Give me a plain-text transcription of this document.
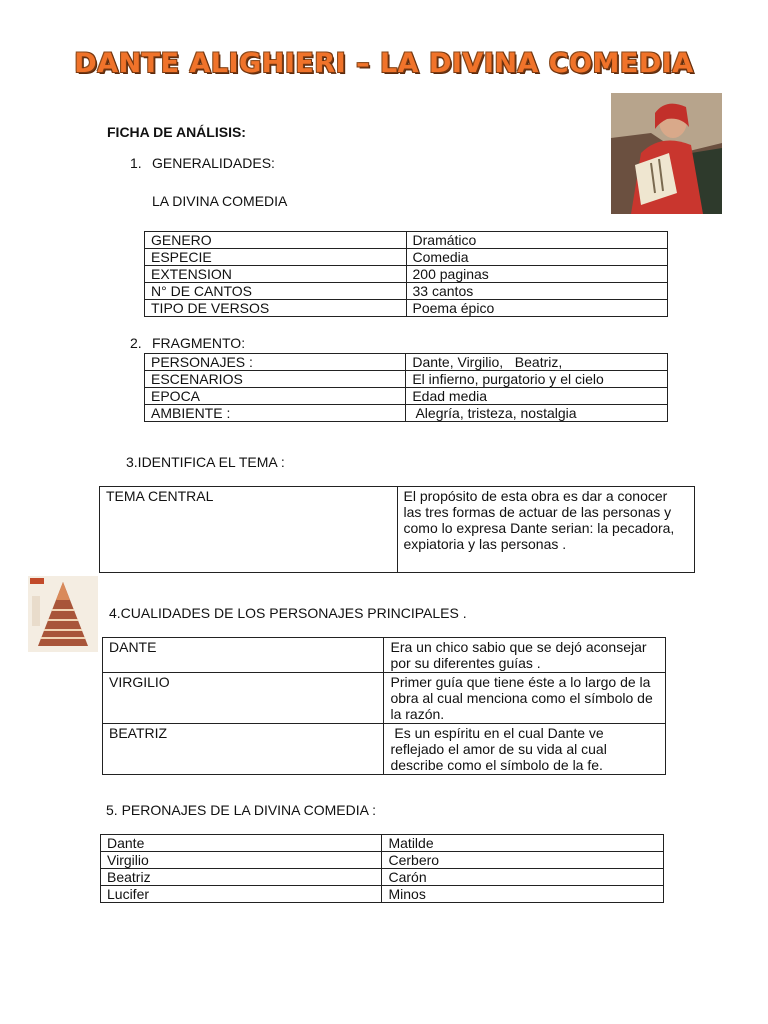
DANTE ALIGHIERI – LA DIVINA COMEDIA
FICHA DE ANÁLISIS:
1. GENERALIDADES:
LA DIVINA COMEDIA
GENERO	Dramático
ESPECIE	Comedia
EXTENSION	200 paginas
N° DE CANTOS	33 cantos
TIPO DE VERSOS	Poema épico
2. FRAGMENTO:
PERSONAJES :	Dante, Virgilio,   Beatriz,
ESCENARIOS	El infierno, purgatorio y el cielo
EPOCA	Edad media
AMBIENTE :	Alegría, tristeza, nostalgia
3.IDENTIFICA EL TEMA :
TEMA CENTRAL	El propósito de esta obra es dar a conocer las tres formas de actuar de las personas y como lo expresa Dante serian: la pecadora, expiatoria y las personas .
4.CUALIDADES DE LOS PERSONAJES PRINCIPALES .
DANTE	Era un chico sabio que se dejó aconsejar por su diferentes guías .
VIRGILIO	Primer guía que tiene éste a lo largo de la obra al cual menciona como el símbolo de la razón.
BEATRIZ	Es un espíritu en el cual Dante ve reflejado el amor de su vida al cual describe como el símbolo de la fe.
5. PERONAJES DE LA DIVINA COMEDIA :
Dante	Matilde
Virgilio	Cerbero
Beatriz	Carón
Lucifer	Minos
